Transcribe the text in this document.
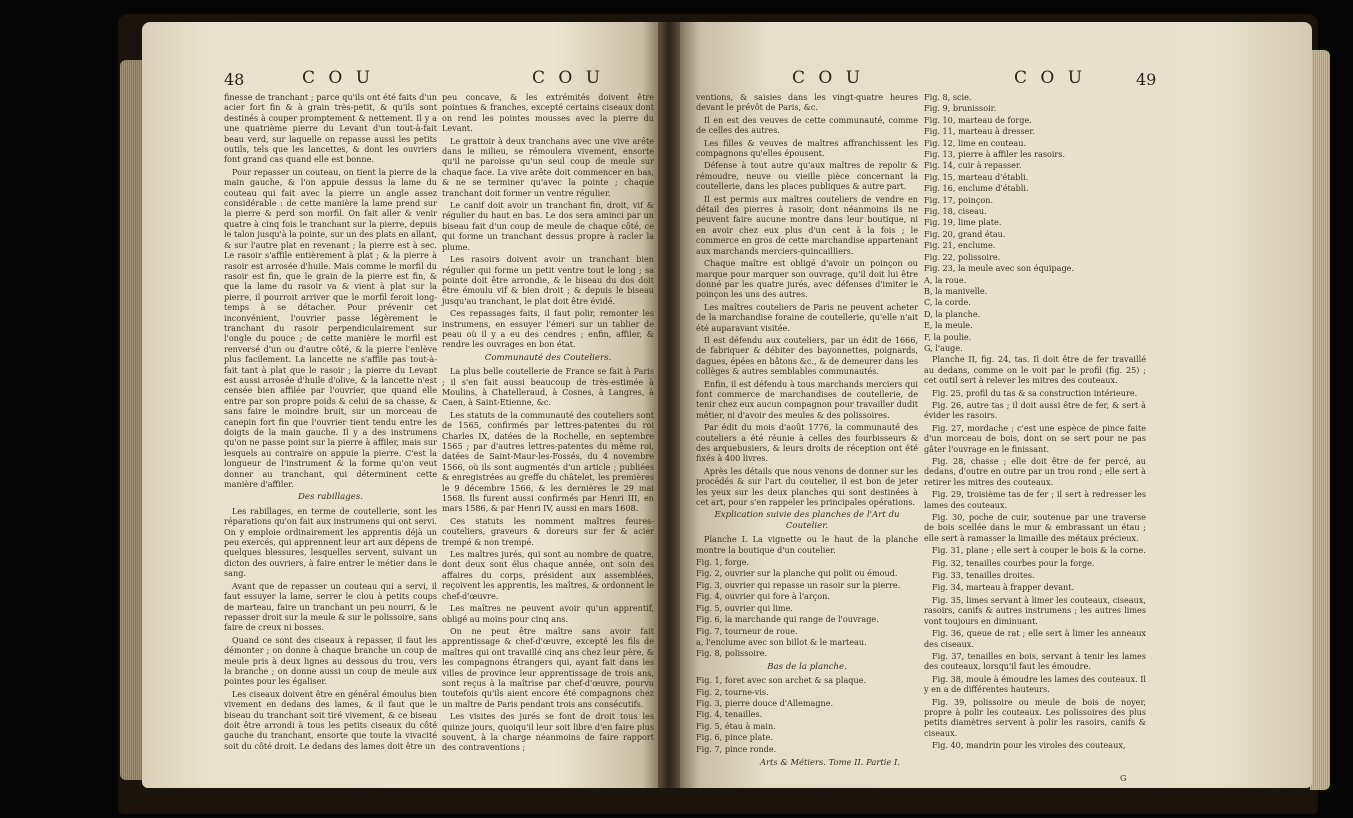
48	C O U	C O U

finesse de tranchant ; parce qu'ils ont été faits d'un acier fort fin & à grain très-petit, & qu'ils sont destinés à couper promptement & nettement. Il y a une quatrième pierre du Levant d'un tout-à-fait beau verd, sur laquelle on repasse aussi les petits outils, tels que les lancettes, & dont les ouvriers font grand cas quand elle est bonne.

Pour repasser un couteau, on tient la pierre de la main gauche, & l'on appuie dessus la lame du couteau qui fait avec la pierre un angle assez considérable : de cette manière la lame prend sur la pierre & perd son morfil. On fait aller & venir quatre à cinq fois le tranchant sur la pierre, depuis le talon jusqu'à la pointe, sur un des plats en allant, & sur l'autre plat en revenant ; la pierre est à sec. Le rasoir s'affile entièrement à plat ; & la pierre à rasoir est arrosée d'huile. Mais comme le morfil du rasoir est fin, que le grain de la pierre est fin, & que la lame du rasoir va & vient à plat sur la pierre, il pourroit arriver que le morfil feroit long-temps à se détacher. Pour prévenir cet inconvénient, l'ouvrier passe légèrement le tranchant du rasoir perpendiculairement sur l'ongle du pouce ; de cette manière le morfil est renversé d'un ou d'autre côté, & la pierre l'enlève plus facilement. La lancette ne s'affile pas tout-à-fait tant à plat que le rasoir ; la pierre du Levant est aussi arrosée d'huile d'olive, & la lancette n'est censée bien affilée par l'ouvrier, que quand elle entre par son propre poids & celui de sa chasse, & sans faire le moindre bruit, sur un morceau de canepin fort fin que l'ouvrier tient tendu entre les doigts de la main gauche. Il y a des instrumens qu'on ne passe point sur la pierre à affiler, mais sur lesquels au contraire on appuie la pierre. C'est la longueur de l'instrument & la forme qu'on veut donner au tranchant, qui déterminent cette manière d'affiler.

Des rabillages.

Les rabillages, en terme de coutellerie, sont les réparations qu'on fait aux instrumens qui ont servi. On y emploie ordinairement les apprentis déjà un peu exercés, qui apprennent leur art aux dépens de quelques blessures, lesquelles servent, suivant un dicton des ouvriers, à faire entrer le métier dans le sang.

Avant que de repasser un couteau qui a servi, il faut essuyer la lame, serrer le clou à petits coups de marteau, faire un tranchant un peu nourri, & le repasser droit sur la meule & sur le polissoire, sans faire de creux ni bosses.

Quand ce sont des ciseaux à repasser, il faut les démonter ; on donne à chaque branche un coup de meule pris à deux lignes au dessous du trou, vers la branche ; on donne aussi un coup de meule aux pointes pour les égaliser.

Les ciseaux doivent être en général émoulus bien vivement en dedans des lames, & il faut que le biseau du tranchant soit tiré vivement, & ce biseau doit être arrondi à tous les petits ciseaux du côté gauche du tranchant, ensorte que toute la vivacité soit du côté droit. Le dedans des lames doit être un

peu concave, & les extrémités doivent être pointues & franches, excepté certains ciseaux dont on rend les pointes mousses avec la pierre du Levant.

Le grattoir à deux tranchans avec une vive arête dans le milieu, se rémoulera vivement, ensorte qu'il ne paroisse qu'un seul coup de meule sur chaque face. La vive arête doit commencer en bas, & ne se terminer qu'avec la pointe ; chaque tranchant doit former un ventre régulier.

Le canif doit avoir un tranchant fin, droit, vif & régulier du haut en bas. Le dos sera aminci par un biseau fait d'un coup de meule de chaque côté, ce qui forme un tranchant dessus propre à racler la plume.

Les rasoirs doivent avoir un tranchant bien régulier qui forme un petit ventre tout le long ; sa pointe doit être arrondie, & le biseau du dos doit être émoulu vif & bien droit ; & depuis le biseau jusqu'au tranchant, le plat doit être évidé.

Ces repassages faits, il faut polir, remonter les instrumens, en essuyer l'émeri sur un tablier de peau où il y a eu des cendres ; enfin, affiler, & rendre les ouvrages en bon état.

Communauté des Couteliers.

La plus belle coutellerie de France se fait à Paris ; il s'en fait aussi beaucoup de très-estimée à Moulins, à Chatelleraud, à Cosnes, à Langres, à Caen, à Saint-Etienne, &c.

Les statuts de la communauté des couteliers sont de 1565, confirmés par lettres-patentes du roi Charles IX, datées de la Rochelle, en septembre 1565 ; par d'autres lettres-patentes du même roi, datées de Saint-Maur-les-Fossés, du 4 novembre 1566, où ils sont augmentés d'un article ; publiées & enregistrées au greffe du châtelet, les premières le 9 décembre 1566, & les dernières le 29 mai 1568. Ils furent aussi confirmés par Henri III, en mars 1586, & par Henri IV, aussi en mars 1608.

Ces statuts les nomment maîtres feures-couteliers, graveurs & doreurs sur fer & acier trempé & non trempé.

Les maîtres jurés, qui sont au nombre de quatre, dont deux sont élus chaque année, ont soin des affaires du corps, président aux assemblées, reçoivent les apprentis, les maîtres, & ordonnent le chef-d'œuvre.

Les maîtres ne peuvent avoir qu'un apprentif, obligé au moins pour cinq ans.

On ne peut être maître sans avoir fait apprentissage & chef-d'œuvre, excepté les fils de maîtres qui ont travaillé cinq ans chez leur père, & les compagnons étrangers qui, ayant fait dans les villes de province leur apprentissage de trois ans, sont reçus à la maîtrise par chef-d'œuvre, pourvu toutefois qu'ils aient encore été compagnons chez un maître de Paris pendant trois ans consécutifs.

Les visites des jurés se font de droit tous les quinze jours, quoiqu'il leur soit libre d'en faire plus souvent, à la charge néanmoins de faire rapport des contraventions ;

C O U	C O U	49

ventions, & saisies dans les vingt-quatre heures devant le prévôt de Paris, &c.

Il en est des veuves de cette communauté, comme de celles des autres.

Les filles & veuves de maîtres affranchissent les compagnons qu'elles épousent.

Défense à tout autre qu'aux maîtres de repolir & rémoudre, neuve ou vieille pièce concernant la coutellerie, dans les places publiques & autre part.

Il est permis aux maîtres couteliers de vendre en détail des pierres à rasoir, dont néanmoins ils ne peuvent faire aucune montre dans leur boutique, ni en avoir chez eux plus d'un cent à la fois ; le commerce en gros de cette marchandise appartenant aux marchands merciers-quincailliers.

Chaque maître est obligé d'avoir un poinçon ou marque pour marquer son ouvrage, qu'il doit lui être donné par les quatre jurés, avec défenses d'imiter le poinçon les uns des autres.

Les maîtres couteliers de Paris ne peuvent acheter de la marchandise foraine de coutellerie, qu'elle n'ait été auparavant visitée.

Il est défendu aux couteliers, par un édit de 1666, de fabriquer & débiter des bayonnettes, poignards, dagues, épées en bâtons &c., & de demeurer dans les collèges & autres semblables communautés.

Enfin, il est défendu à tous marchands merciers qui font commerce de marchandises de coutellerie, de tenir chez eux aucun compagnon pour travailler dudit métier, ni d'avoir des meules & des polissoires.

Par édit du mois d'août 1776, la communauté des couteliers a été réunie à celles des fourbisseurs & des arquebusiers, & leurs droits de réception ont été fixés à 400 livres.

Après les détails que nous venons de donner sur les procédés & sur l'art du coutelier, il est bon de jeter les yeux sur les deux planches qui sont destinées à cet art, pour s'en rappeler les principales opérations.

Explication suivie des planches de l'Art du Coutelier.

Planche I. La vignette ou le haut de la planche montre la boutique d'un coutelier.

Fig. 1, forge.
Fig. 2, ouvrier sur la planche qui polit ou émoud.
Fig. 3, ouvrier qui repasse un rasoir sur la pierre.
Fig. 4, ouvrier qui fore à l'arçon.
Fig. 5, ouvrier qui lime.
Fig. 6, la marchande qui range de l'ouvrage.
Fig. 7, tourneur de roue.
a, l'enclume avec son billot & le marteau.
Fig. 8, polissoire.
Bas de la planche.
Fig. 1, foret avec son archet & sa plaque.
Fig. 2, tourne-vis.
Fig. 3, pierre douce d'Allemagne.
Fig. 4, tenailles.
Fig. 5, étau à main.
Fig. 6, pince plate.
Fig. 7, pince ronde.
Arts & Métiers. Tome II. Partie I.
Fig. 8, scie.
Fig. 9, brunissoir.
Fig. 10, marteau de forge.
Fig. 11, marteau à dresser.
Fig. 12, lime en couteau.
Fig. 13, pierre à affiler les rasoirs.
Fig. 14, cuir à repasser.
Fig. 15, marteau d'établi.
Fig. 16, enclume d'établi.
Fig. 17, poinçon.
Fig. 18, ciseau.
Fig. 19, lime plate.
Fig. 20, grand étau.
Fig. 21, enclume.
Fig. 22, polissoire.
Fig. 23, la meule avec son équipage.
A, la roue.
B, la manivelle.
C, la corde.
D, la planche.
E, la meule.
F, la poulie.
G, l'auge.

Planche II, fig. 24, tas. Il doit être de fer travaillé au dedans, comme on le voit par le profil (fig. 25) ; cet outil sert à relever les mitres des couteaux.

Fig. 25, profil du tas & sa construction intérieure.

Fig. 26, autre tas ; il doit aussi être de fer, & sert à évider les rasoirs.

Fig. 27, mordache ; c'est une espèce de pince faite d'un morceau de bois, dont on se sert pour ne pas gâter l'ouvrage en le finissant.

Fig. 28, chasse ; elle doit être de fer percé, au dedans, d'outre en outre par un trou rond ; elle sert à retirer les mitres des couteaux.

Fig. 29, troisième tas de fer ; il sert à redresser les lames des couteaux.

Fig. 30, poche de cuir, soutenue par une traverse de bois scellée dans le mur & embrassant un étau ; elle sert à ramasser la limaille des métaux précieux.

Fig. 31, plane ; elle sert à couper le bois & la corne.

Fig. 32, tenailles courbes pour la forge.

Fig. 33, tenailles droites.

Fig. 34, marteau à frapper devant.

Fig. 35, limes servant à limer les couteaux, ciseaux, rasoirs, canifs & autres instrumens ; les autres limes vont toujours en diminuant.

Fig. 36, queue de rat ; elle sert à limer les anneaux des ciseaux.

Fig. 37, tenailles en bois, servant à tenir les lames des couteaux, lorsqu'il faut les émoudre.

Fig. 38, moule à émoudre les lames des couteaux. Il y en a de différentes hauteurs.

Fig. 39, polissoire ou meule de bois de noyer, propre à polir les couteaux. Les polissoires des plus petits diamètres servent à polir les rasoirs, canifs & ciseaux.

Fig. 40, mandrin pour les viroles des couteaux,

G
